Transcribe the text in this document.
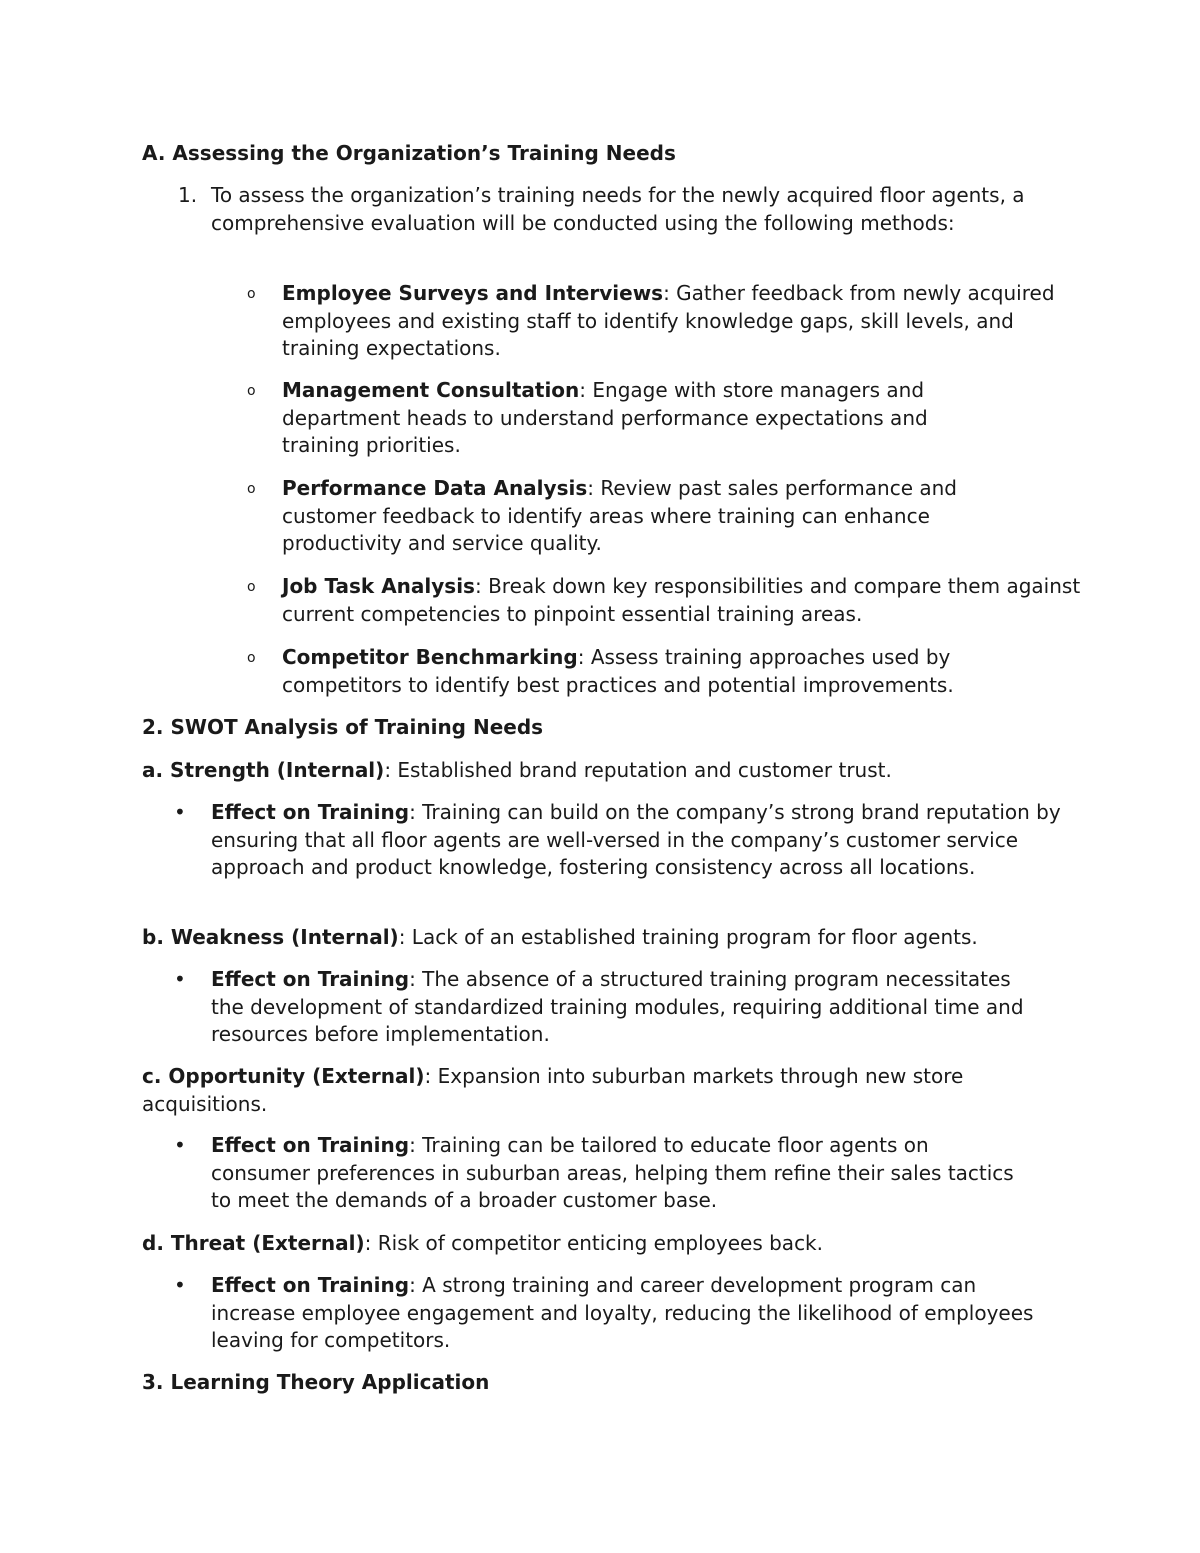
A. Assessing the Organization’s Training Needs

1. To assess the organization’s training needs for the newly acquired floor agents, a comprehensive evaluation will be conducted using the following methods:

o	Employee Surveys and Interviews: Gather feedback from newly acquired employees and existing staff to identify knowledge gaps, skill levels, and training expectations.

o	Management Consultation: Engage with store managers and department heads to understand performance expectations and training priorities.

o	Performance Data Analysis: Review past sales performance and customer feedback to identify areas where training can enhance productivity and service quality.

o	Job Task Analysis: Break down key responsibilities and compare them against current competencies to pinpoint essential training areas.

o	Competitor Benchmarking: Assess training approaches used by competitors to identify best practices and potential improvements.

2. SWOT Analysis of Training Needs

a. Strength (Internal): Established brand reputation and customer trust.

•	Effect on Training: Training can build on the company’s strong brand reputation by ensuring that all floor agents are well-versed in the company’s customer service approach and product knowledge, fostering consistency across all locations.

b. Weakness (Internal): Lack of an established training program for floor agents.

•	Effect on Training: The absence of a structured training program necessitates the development of standardized training modules, requiring additional time and resources before implementation.

c. Opportunity (External): Expansion into suburban markets through new store acquisitions.

•	Effect on Training: Training can be tailored to educate floor agents on consumer preferences in suburban areas, helping them refine their sales tactics to meet the demands of a broader customer base.

d. Threat (External): Risk of competitor enticing employees back.

•	Effect on Training: A strong training and career development program can increase employee engagement and loyalty, reducing the likelihood of employees leaving for competitors.

3. Learning Theory Application
